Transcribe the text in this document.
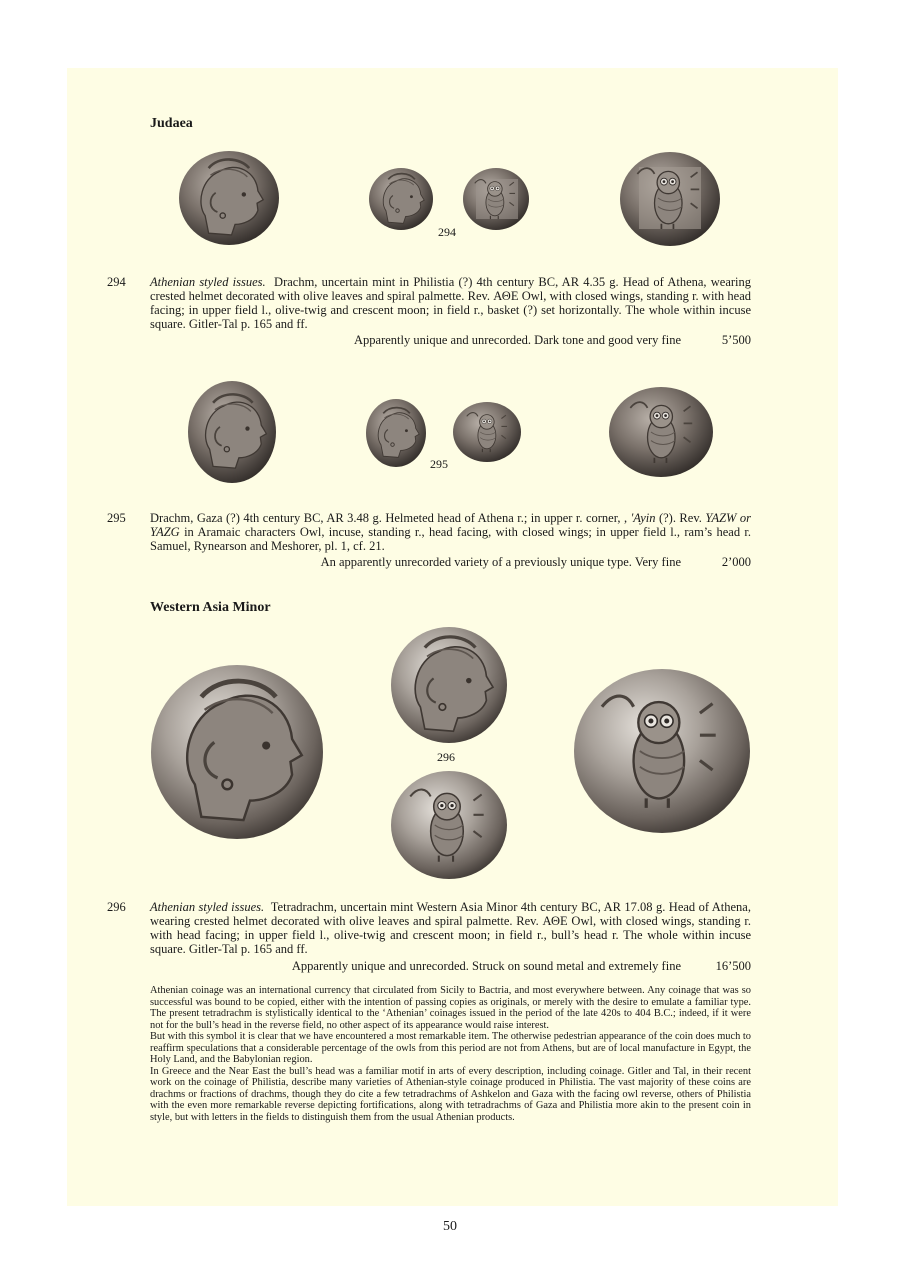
Judaea
294
294 Athenian styled issues. Drachm, uncertain mint in Philistia (?) 4th century BC, AR 4.35 g. Head of Athena, wearing crested helmet decorated with olive leaves and spiral palmette. Rev. ΑΘΕ Owl, with closed wings, standing r. with head facing; in upper field l., olive-twig and crescent moon; in field r., basket (?) set horizontally. The whole within incuse square. Gitler-Tal p. 165 and ff.
Apparently unique and unrecorded. Dark tone and good very fine	5’500
295
295 Drachm, Gaza (?) 4th century BC, AR 3.48 g. Helmeted head of Athena r.; in upper r. corner, , 'Ayin (?). Rev. YAZW or YAZG in Aramaic characters Owl, incuse, standing r., head facing, with closed wings; in upper field l., ram’s head r. Samuel, Rynearson and Meshorer, pl. 1, cf. 21.
An apparently unrecorded variety of a previously unique type. Very fine	2’000
Western Asia Minor
296
296 Athenian styled issues. Tetradrachm, uncertain mint Western Asia Minor 4th century BC, AR 17.08 g. Head of Athena, wearing crested helmet decorated with olive leaves and spiral palmette. Rev. ΑΘΕ Owl, with closed wings, standing r. with head facing; in upper field l., olive-twig and crescent moon; in field r., bull’s head r. The whole within incuse square. Gitler-Tal p. 165 and ff.
Apparently unique and unrecorded. Struck on sound metal and extremely fine	16’500

Athenian coinage was an international currency that circulated from Sicily to Bactria, and most everywhere between. Any coinage that was so successful was bound to be copied, either with the intention of passing copies as originals, or merely with the desire to emulate a familiar type. The present tetradrachm is stylistically identical to the ‘Athenian’ coinages issued in the period of the late 420s to 404 B.C.; indeed, if it were not for the bull’s head in the reverse field, no other aspect of its appearance would raise interest.

But with this symbol it is clear that we have encountered a most remarkable item. The otherwise pedestrian appearance of the coin does much to reaffirm speculations that a considerable percentage of the owls from this period are not from Athens, but are of local manufacture in Egypt, the Holy Land, and the Babylonian region.

In Greece and the Near East the bull’s head was a familiar motif in arts of every description, including coinage. Gitler and Tal, in their recent work on the coinage of Philistia, describe many varieties of Athenian-style coinage produced in Philistia. The vast majority of these coins are drachms or fractions of drachms, though they do cite a few tetradrachms of Ashkelon and Gaza with the facing owl reverse, others of Philistia with the even more remarkable reverse depicting fortifications, along with tetradrachms of Gaza and Philistia more akin to the present coin in style, but with letters in the fields to distinguish them from the usual Athenian products.

50
